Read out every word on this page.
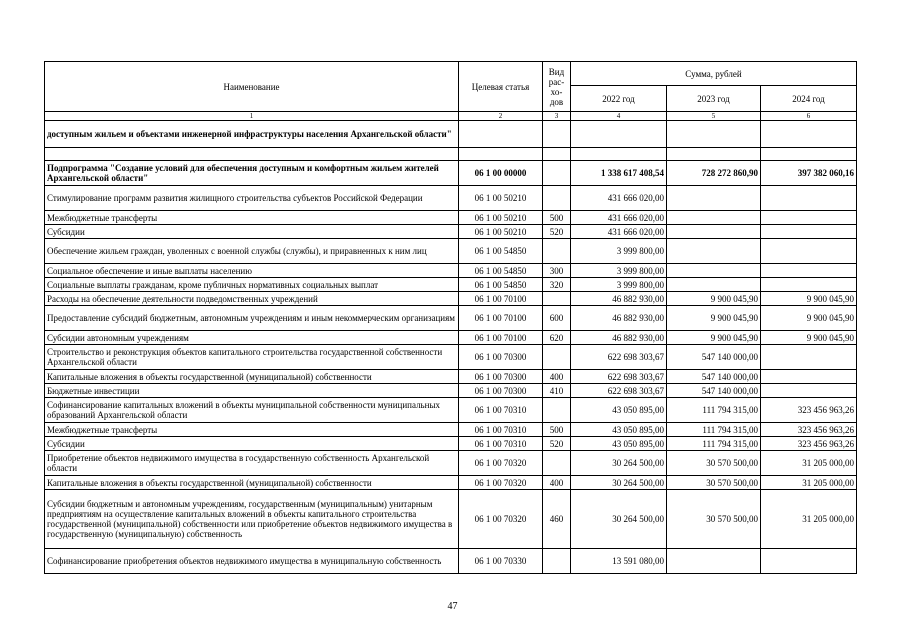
Наименование	Целевая статья	Вид рас-хо-дов	Сумма, рублей		
			2022 год	2023 год	2024 год
1	2	3	4	5	6
доступным жильем и объектами инженерной инфраструктуры населения Архангельской области"					

Подпрограмма "Создание условий для обеспечения доступным и комфортным жильем жителей Архангельской области"	06 1 00 00000		1 338 617 408,54	728 272 860,90	397 382 060,16
Стимулирование программ развития жилищного строительства субъектов Российской Федерации	06 1 00 50210		431 666 020,00		
Межбюджетные трансферты	06 1 00 50210	500	431 666 020,00		
Субсидии	06 1 00 50210	520	431 666 020,00		
Обеспечение жильем граждан, уволенных с военной службы (службы), и приравненных к ним лиц	06 1 00 54850		3 999 800,00		
Социальное обеспечение и иные выплаты населению	06 1 00 54850	300	3 999 800,00		
Социальные выплаты гражданам, кроме публичных нормативных социальных выплат	06 1 00 54850	320	3 999 800,00		
Расходы на обеспечение деятельности подведомственных учреждений	06 1 00 70100		46 882 930,00	9 900 045,90	9 900 045,90
Предоставление субсидий бюджетным, автономным учреждениям и иным некоммерческим организациям	06 1 00 70100	600	46 882 930,00	9 900 045,90	9 900 045,90
Субсидии автономным учреждениям	06 1 00 70100	620	46 882 930,00	9 900 045,90	9 900 045,90
Строительство и реконструкция объектов капитального строительства государственной собственности Архангельской области	06 1 00 70300		622 698 303,67	547 140 000,00	
Капитальные вложения в объекты государственной (муниципальной) собственности	06 1 00 70300	400	622 698 303,67	547 140 000,00	
Бюджетные инвестиции	06 1 00 70300	410	622 698 303,67	547 140 000,00	
Софинансирование капитальных вложений в объекты муниципальной собственности муниципальных образований Архангельской области	06 1 00 70310		43 050 895,00	111 794 315,00	323 456 963,26
Межбюджетные трансферты	06 1 00 70310	500	43 050 895,00	111 794 315,00	323 456 963,26
Субсидии	06 1 00 70310	520	43 050 895,00	111 794 315,00	323 456 963,26
Приобретение объектов недвижимого имущества в государственную собственность Архангельской области	06 1 00 70320		30 264 500,00	30 570 500,00	31 205 000,00
Капитальные вложения в объекты государственной (муниципальной) собственности	06 1 00 70320	400	30 264 500,00	30 570 500,00	31 205 000,00
Субсидии бюджетным и автономным учреждениям, государственным (муниципальным) унитарным предприятиям на осуществление капитальных вложений в объекты капитального строительства государственной (муниципальной) собственности или приобретение объектов недвижимого имущества в государственную (муниципальную) собственность	06 1 00 70320	460	30 264 500,00	30 570 500,00	31 205 000,00
Софинансирование приобретения объектов недвижимого имущества в муниципальную собственность	06 1 00 70330		13 591 080,00		
47
